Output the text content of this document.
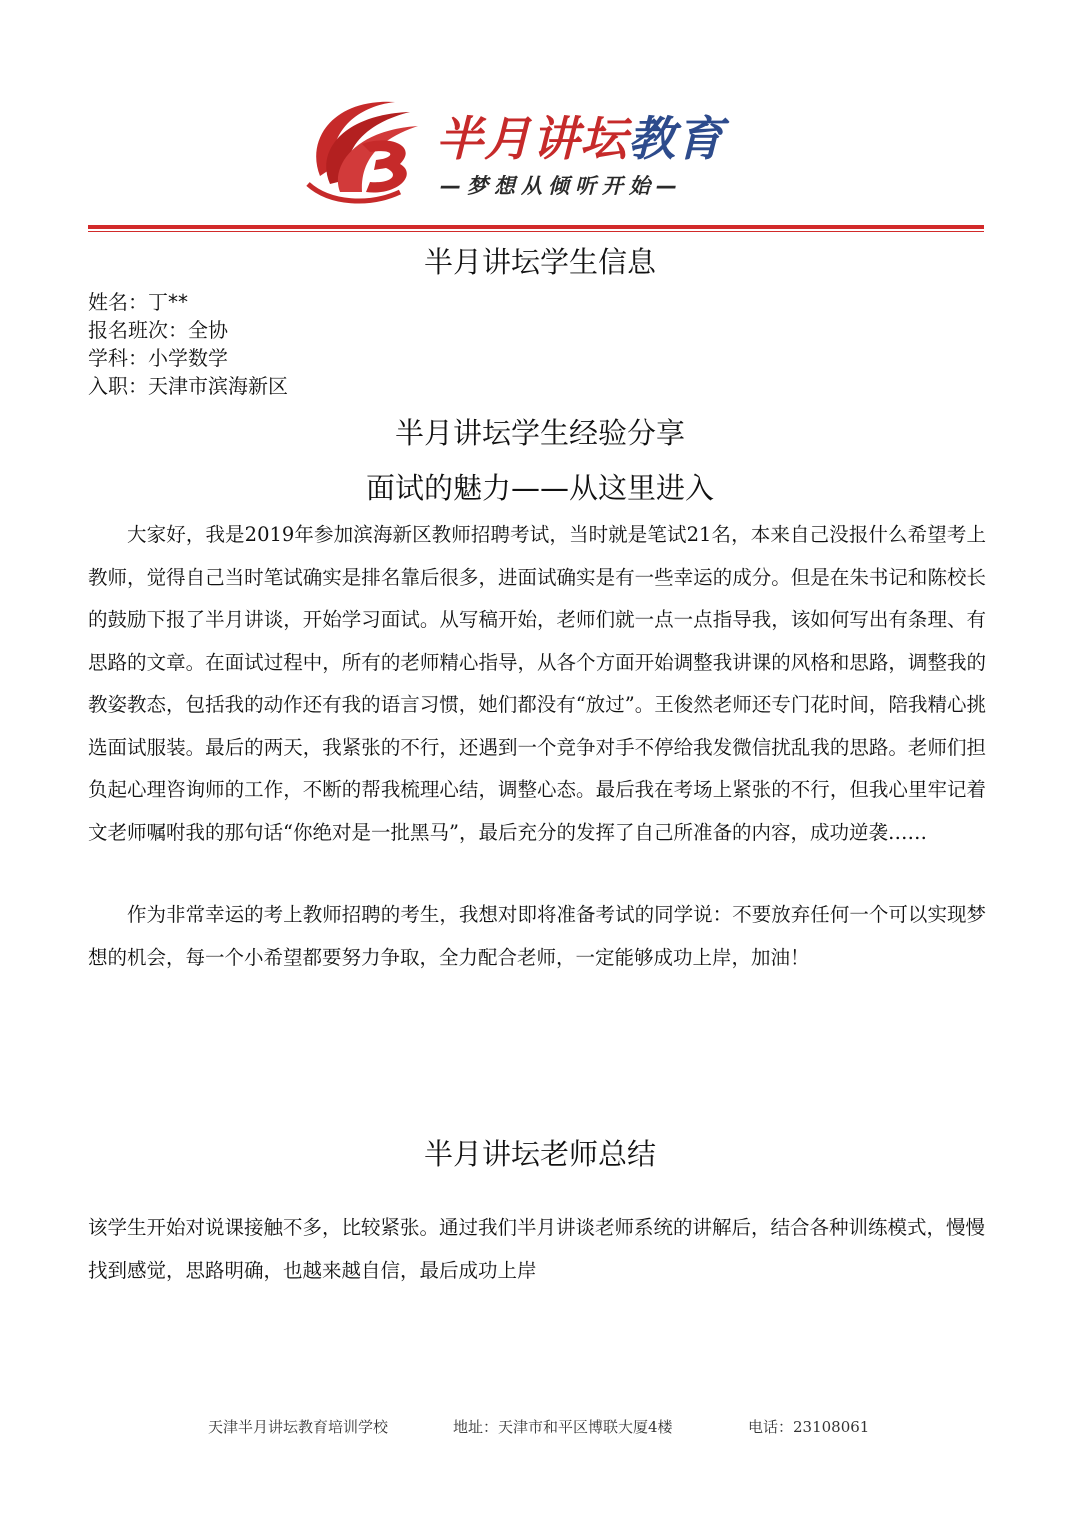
半月讲坛教育
—梦想从倾听开始—
半月讲坛学生信息
姓名：丁**
报名班次：全协
学科：小学数学
入职：天津市滨海新区
半月讲坛学生经验分享
面试的魅力——从这里进入

大家好，我是2019年参加滨海新区教师招聘考试，当时就是笔试21名，本来自己没报什么希望考上教师，觉得自己当时笔试确实是排名靠后很多，进面试确实是有一些幸运的成分。但是在朱书记和陈校长的鼓励下报了半月讲谈，开始学习面试。从写稿开始，老师们就一点一点指导我，该如何写出有条理、有思路的文章。在面试过程中，所有的老师精心指导，从各个方面开始调整我讲课的风格和思路，调整我的教姿教态，包括我的动作还有我的语言习惯，她们都没有“放过”。王俊然老师还专门花时间，陪我精心挑选面试服装。最后的两天，我紧张的不行，还遇到一个竞争对手不停给我发微信扰乱我的思路。老师们担负起心理咨询师的工作，不断的帮我梳理心结，调整心态。最后我在考场上紧张的不行，但我心里牢记着文老师嘱咐我的那句话“你绝对是一批黑马”，最后充分的发挥了自己所准备的内容，成功逆袭……

作为非常幸运的考上教师招聘的考生，我想对即将准备考试的同学说：不要放弃任何一个可以实现梦想的机会，每一个小希望都要努力争取，全力配合老师，一定能够成功上岸，加油！

半月讲坛老师总结

该学生开始对说课接触不多，比较紧张。通过我们半月讲谈老师系统的讲解后，结合各种训练模式，慢慢找到感觉，思路明确，也越来越自信，最后成功上岸

天津半月讲坛教育培训学校	地址：天津市和平区博联大厦4楼	电话：23108061
